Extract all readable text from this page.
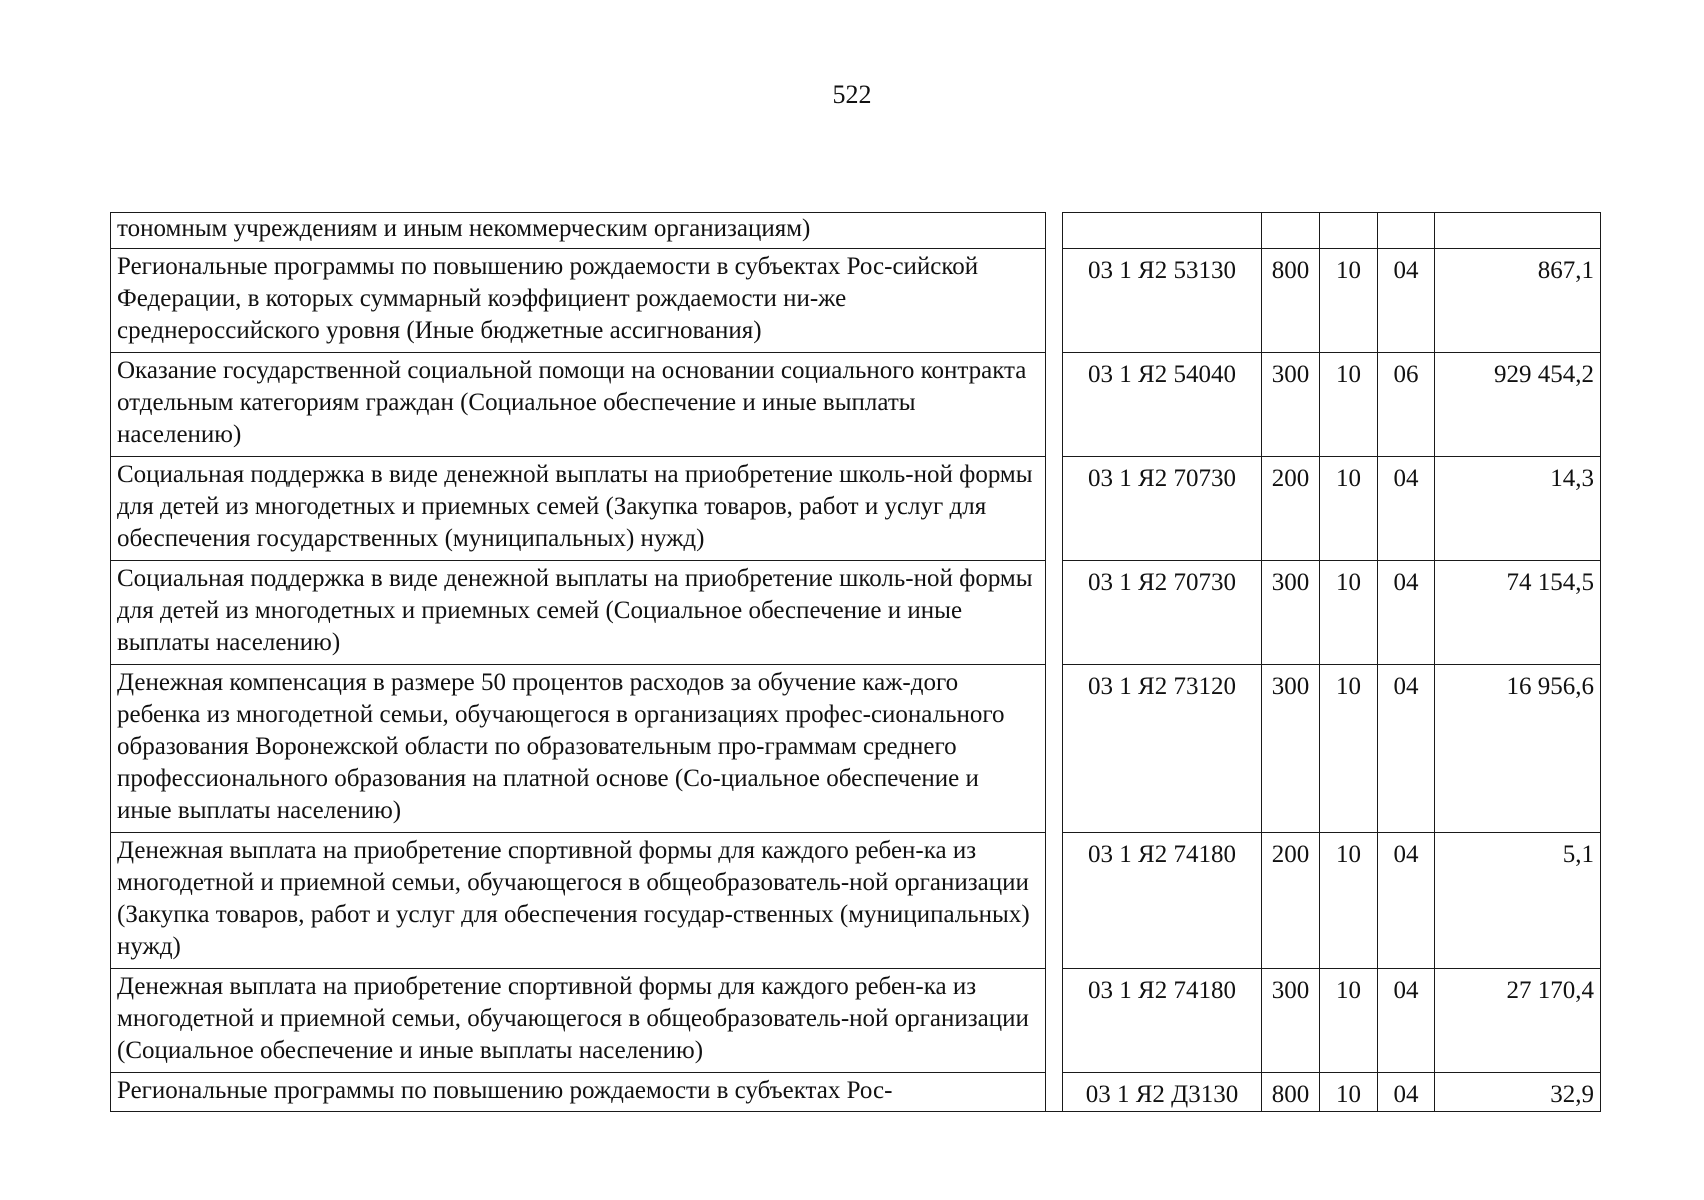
522
тономным учреждениям и иным некоммерческим организациям)						
Региональные программы по повышению рождаемости в субъектах Рос-сийской Федерации, в которых суммарный коэффициент рождаемости ни-же среднероссийского уровня (Иные бюджетные ассигнования)		03 1 Я2 53130	800	10	04	867,1
Оказание государственной социальной помощи на основании социального контракта отдельным категориям граждан (Социальное обеспечение и иные выплаты населению)		03 1 Я2 54040	300	10	06	929 454,2
Социальная поддержка в виде денежной выплаты на приобретение школь-ной формы для детей из многодетных и приемных семей (Закупка товаров, работ и услуг для обеспечения государственных (муниципальных) нужд)		03 1 Я2 70730	200	10	04	14,3
Социальная поддержка в виде денежной выплаты на приобретение школь-ной формы для детей из многодетных и приемных семей (Социальное обеспечение и иные выплаты населению)		03 1 Я2 70730	300	10	04	74 154,5
Денежная компенсация в размере 50 процентов расходов за обучение каж-дого ребенка из многодетной семьи, обучающегося в организациях профес-сионального образования Воронежской области по образовательным про-граммам среднего профессионального образования на платной основе (Со-циальное обеспечение и иные выплаты населению)		03 1 Я2 73120	300	10	04	16 956,6
Денежная выплата на приобретение спортивной формы для каждого ребен-ка из многодетной и приемной семьи, обучающегося в общеобразователь-ной организации (Закупка товаров, работ и услуг для обеспечения государ-ственных (муниципальных) нужд)		03 1 Я2 74180	200	10	04	5,1
Денежная выплата на приобретение спортивной формы для каждого ребен-ка из многодетной и приемной семьи, обучающегося в общеобразователь-ной организации (Социальное обеспечение и иные выплаты населению)		03 1 Я2 74180	300	10	04	27 170,4
Региональные программы по повышению рождаемости в субъектах Рос-		03 1 Я2 Д3130	800	10	04	32,9
